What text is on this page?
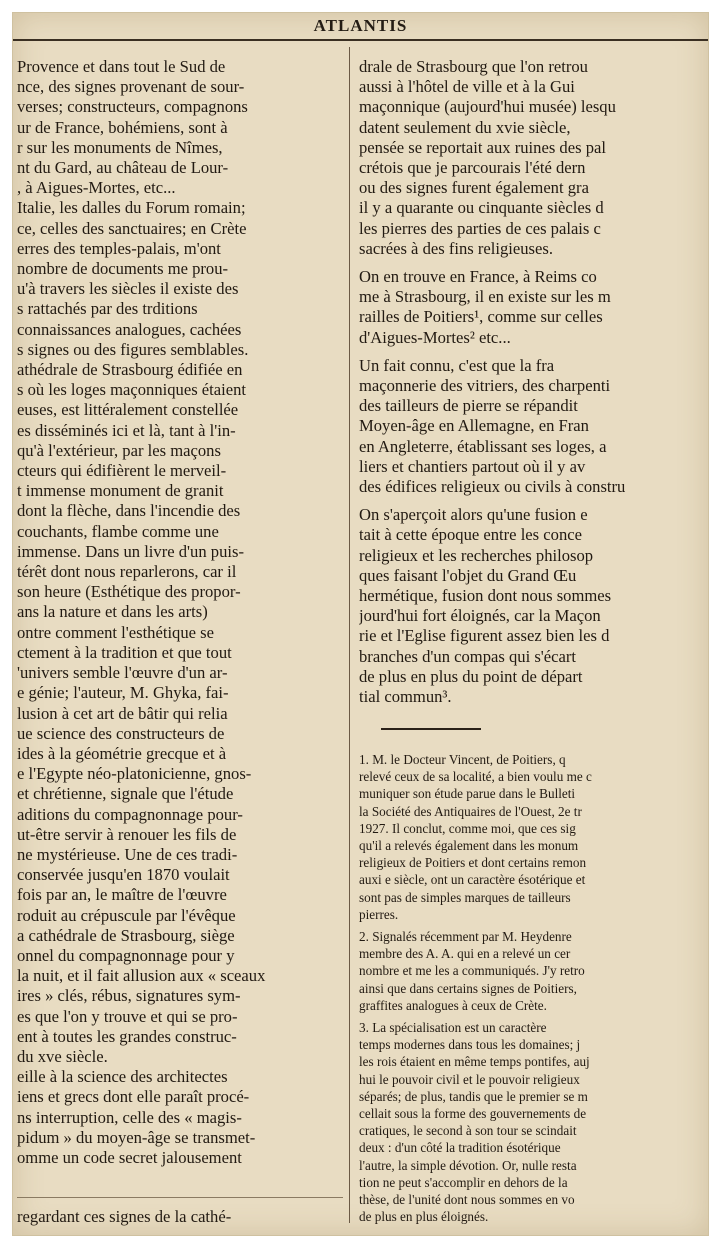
ATLANTIS
Provence et dans tout le Sud de
nce, des signes provenant de sour-
verses; constructeurs, compagnons
ur de France, bohémiens, sont à
r sur les monuments de Nîmes,
nt du Gard, au château de Lour-
, à Aigues-Mortes, etc...
Italie, les dalles du Forum romain;
ce, celles des sanctuaires; en Crète
erres des temples-palais, m'ont
nombre de documents me prou-
u'à travers les siècles il existe des
s rattachés par des trditions
connaissances analogues, cachées
s signes ou des figures semblables.
athédrale de Strasbourg édifiée en
s où les loges maçonniques étaient
euses, est littéralement constellée
es disséminés ici et là, tant à l'in-
qu'à l'extérieur, par les maçons
cteurs qui édifièrent le merveil-
t immense monument de granit
dont la flèche, dans l'incendie des
couchants, flambe comme une
immense. Dans un livre d'un puis-
térêt dont nous reparlerons, car il
son heure (Esthétique des propor-
ans la nature et dans les arts)
ontre comment l'esthétique se
ctement à la tradition et que tout
'univers semble l'œuvre d'un ar-
e génie; l'auteur, M. Ghyka, fai-
lusion à cet art de bâtir qui relia
ue science des constructeurs de
ides à la géométrie grecque et à
e l'Egypte néo-platonicienne, gnos-
et chrétienne, signale que l'étude
aditions du compagnonnage pour-
ut-être servir à renouer les fils de
ne mystérieuse. Une de ces tradi-
conservée jusqu'en 1870 voulait
fois par an, le maître de l'œuvre
roduit au crépuscule par l'évêque
a cathédrale de Strasbourg, siège
onnel du compagnonnage pour y
la nuit, et il fait allusion aux « sceaux
ires » clés, rébus, signatures sym-
es que l'on y trouve et qui se pro-
ent à toutes les grandes construc-
du xve siècle.
eille à la science des architectes
iens et grecs dont elle paraît procé-
ns interruption, celle des « magis-
pidum » du moyen-âge se transmet-
omme un code secret jalousement
drale de Strasbourg que l'on retrou
aussi à l'hôtel de ville et à la Gui
maçonnique (aujourd'hui musée) lesqu
datent seulement du xvie siècle,
pensée se reportait aux ruines des pal
crétois que je parcourais l'été dern
ou des signes furent également gra
il y a quarante ou cinquante siècles d
les pierres des parties de ces palais c
sacrées à des fins religieuses.
On en trouve en France, à Reims co
me à Strasbourg, il en existe sur les m
railles de Poitiers¹, comme sur celles
d'Aigues-Mortes² etc...
Un fait connu, c'est que la fra
maçonnerie des vitriers, des charpenti
des tailleurs de pierre se répandit
Moyen-âge en Allemagne, en Fran
en Angleterre, établissant ses loges, a
liers et chantiers partout où il y av
des édifices religieux ou civils à constru
On s'aperçoit alors qu'une fusion e
tait à cette époque entre les conce
religieux et les recherches philosop
ques faisant l'objet du Grand Œu
hermétique, fusion dont nous sommes
jourd'hui fort éloignés, car la Maçon
rie et l'Eglise figurent assez bien les d
branches d'un compas qui s'écart
de plus en plus du point de départ
tial commun³.
1. M. le Docteur Vincent, de Poitiers, q
relevé ceux de sa localité, a bien voulu me c
muniquer son étude parue dans le Bulleti
la Société des Antiquaires de l'Ouest, 2e tr
1927. Il conclut, comme moi, que ces sig
qu'il a relevés également dans les monum
religieux de Poitiers et dont certains remon
auxi e siècle, ont un caractère ésotérique et
sont pas de simples marques de tailleurs
pierres.
2. Signalés récemment par M. Heydenre
membre des A. A. qui en a relevé un cer
nombre et me les a communiqués. J'y retro
ainsi que dans certains signes de Poitiers,
graffites analogues à ceux de Crète.
3. La spécialisation est un caractère
temps modernes dans tous les domaines; j
les rois étaient en même temps pontifes, auj
hui le pouvoir civil et le pouvoir religieux
séparés; de plus, tandis que le premier se m
cellait sous la forme des gouvernements de
cratiques, le second à son tour se scindait
deux : d'un côté la tradition ésotérique
l'autre, la simple dévotion. Or, nulle resta
tion ne peut s'accomplir en dehors de la
thèse, de l'unité dont nous sommes en vo
de plus en plus éloignés.
regardant ces signes de la cathé-
